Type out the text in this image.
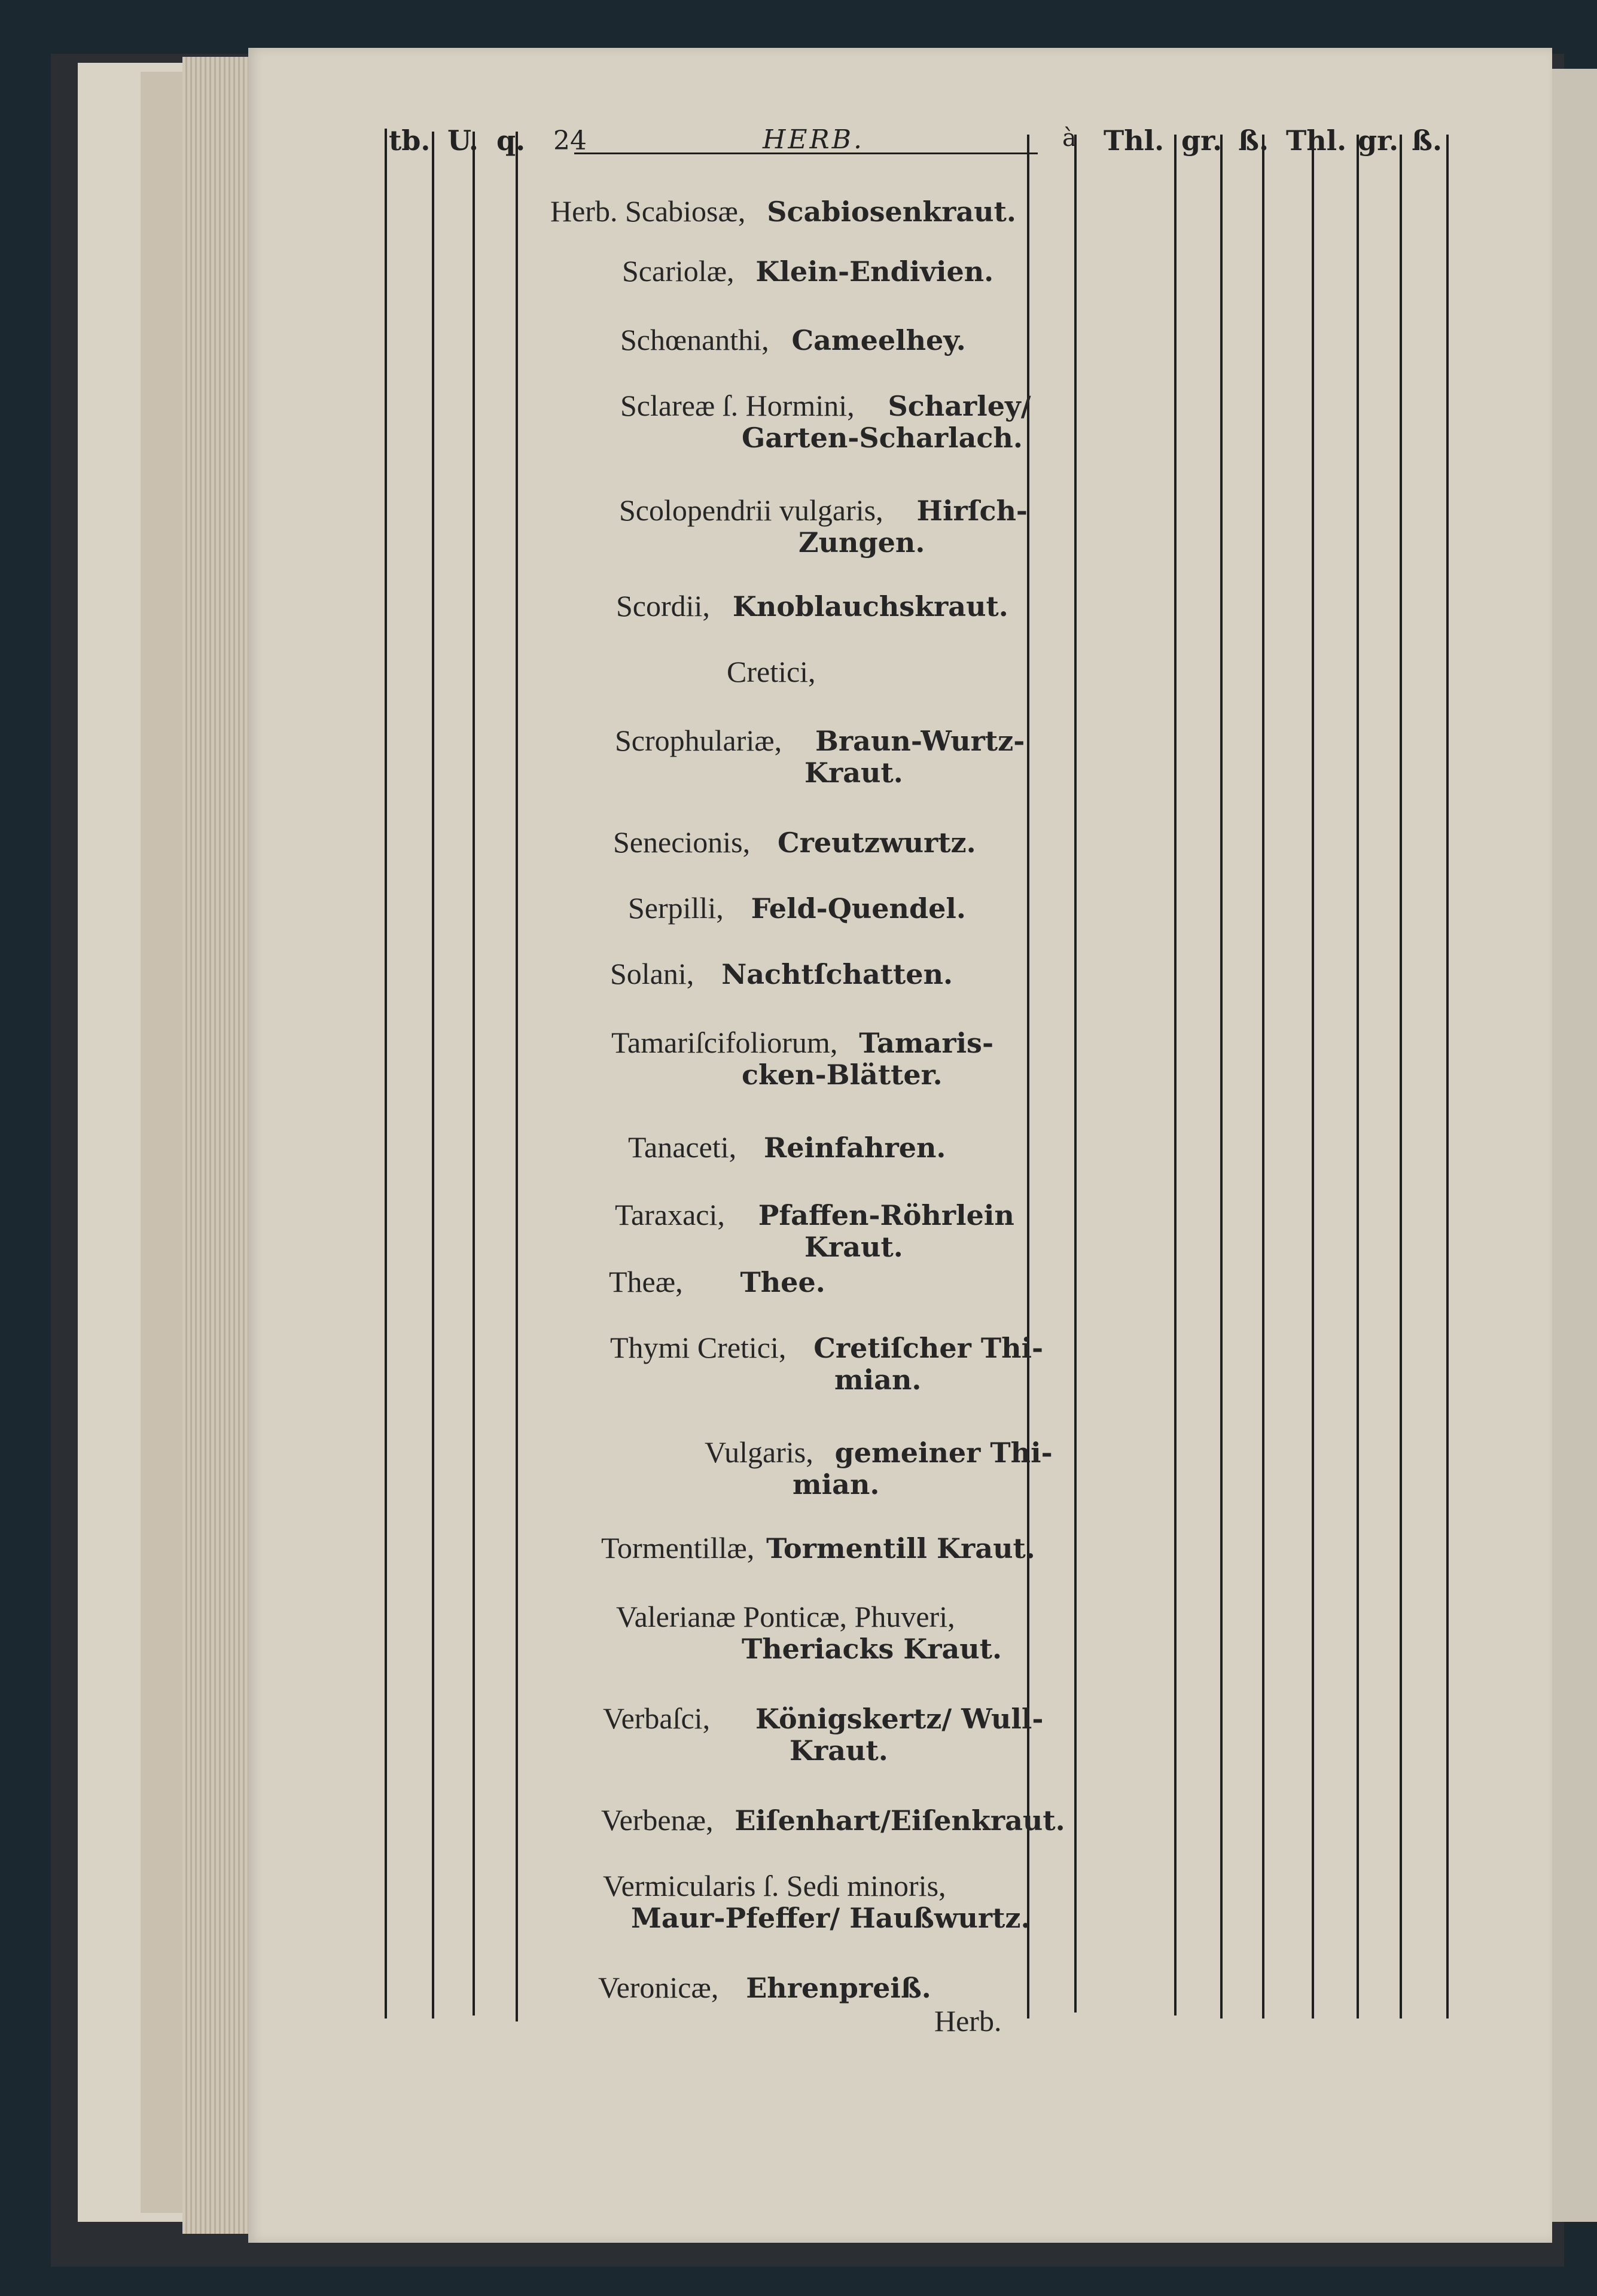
tb. U. q. 24	HERB.	à Thl. gr. ß. Thl. gr. ß.
Herb. Scabiosæ, Scabiosenkraut.
Scariolæ, Klein-Endivien.
Schœnanthi, Cameelhey.
Sclareæ ſ. Hormini, Scharley/
Garten-Scharlach.
Scolopendrii vulgaris, Hirſch-
Zungen.
Scordii, Knoblauchskraut.
Cretici,
Scrophulariæ, Braun-Wurtz-
Kraut.
Senecionis, Creutzwurtz.
Serpilli, Feld-Quendel.
Solani, Nachtſchatten.
Tamariſcifoliorum, Tamaris-
cken-Blätter.
Tanaceti, Reinfahren.
Taraxaci, Pfaffen-Röhrlein
Kraut.
Theæ, Thee.
Thymi Cretici, Cretiſcher Thi-
mian.
Vulgaris, gemeiner Thi-
mian.
Tormentillæ, Tormentill Kraut.
Valerianæ Ponticæ, Phuveri,
Theriacks Kraut.
Verbaſci, Königskertz/ Wull-
Kraut.
Verbenæ, Eiſenhart/Eiſenkraut.
Vermicularis ſ. Sedi minoris,
Maur-Pfeffer/ Haußwurtz.
Veronicæ, Ehrenpreiß.
Herb.
